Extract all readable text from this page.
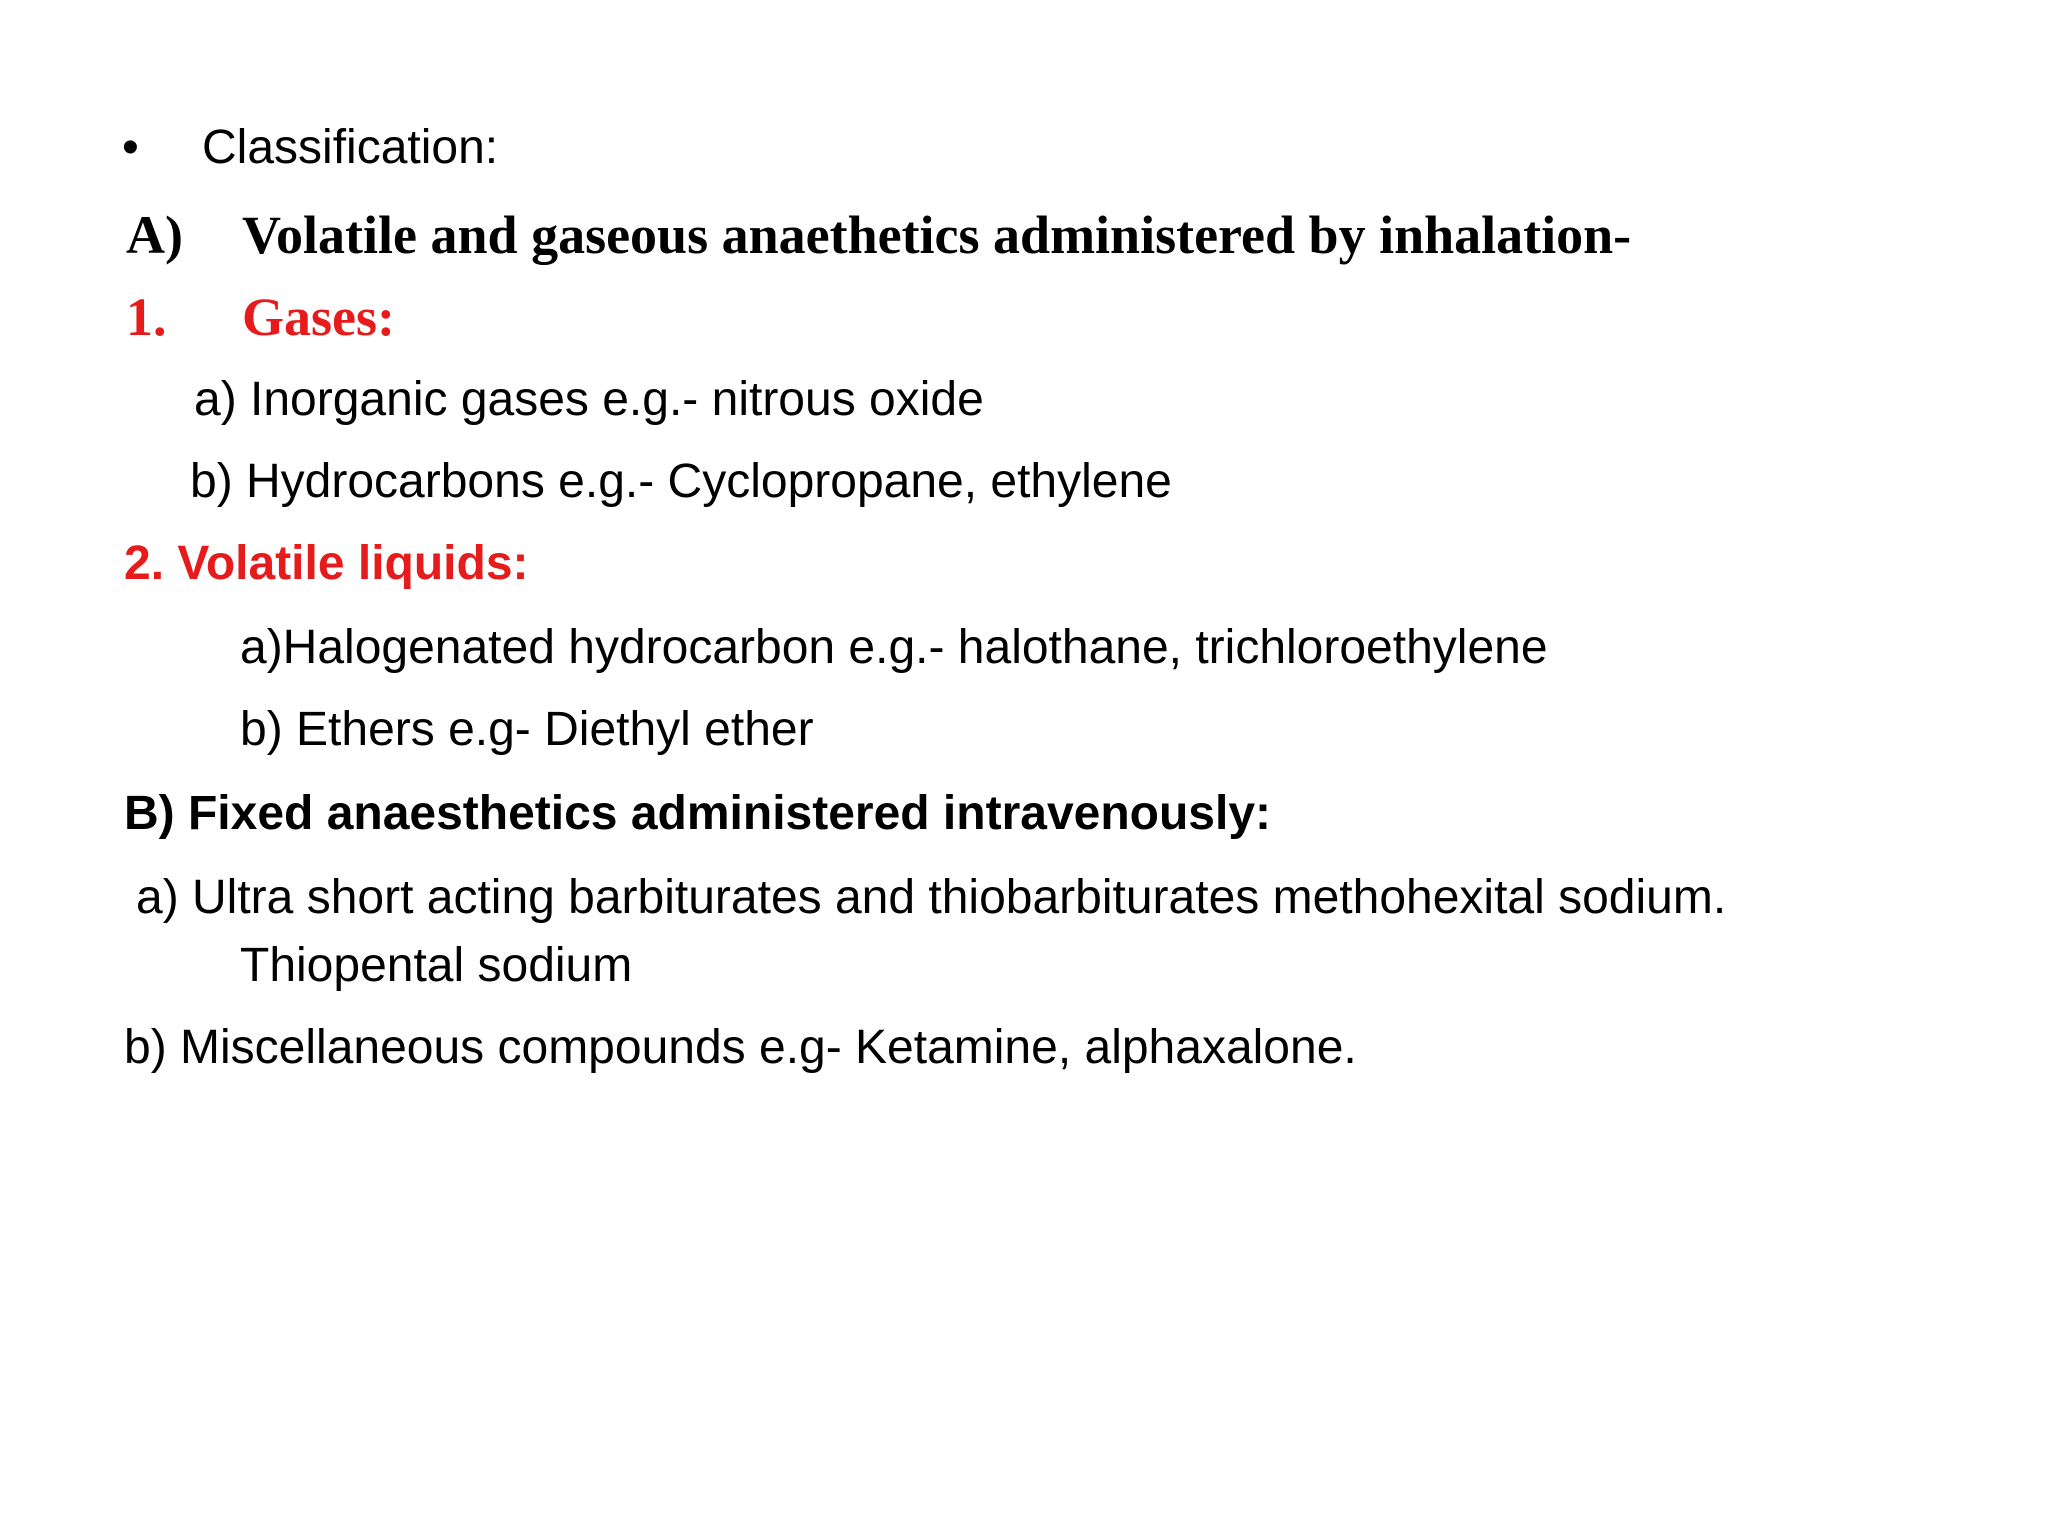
• Classification:
A) Volatile and gaseous anaethetics administered by inhalation-
1. Gases:
a) Inorganic gases e.g.- nitrous oxide
b) Hydrocarbons e.g.- Cyclopropane, ethylene
2. Volatile liquids:
a)Halogenated hydrocarbon e.g.- halothane, trichloroethylene
b) Ethers e.g- Diethyl ether
B) Fixed anaesthetics administered intravenously:
a) Ultra short acting barbiturates and thiobarbiturates methohexital sodium.
Thiopental sodium
b) Miscellaneous compounds e.g- Ketamine, alphaxalone.
